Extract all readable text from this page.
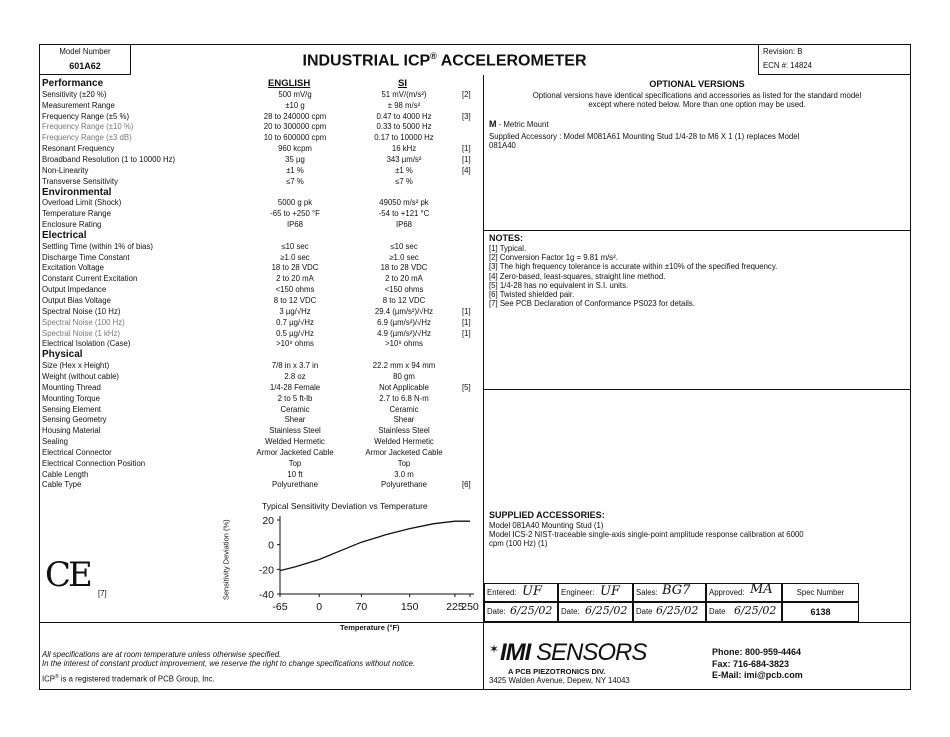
Model Number
601A62	INDUSTRIAL ICP® ACCELEROMETER
Revision: B
ECN #: 14824
ENGLISH	SI
Performance
Sensitivity (±20 %)	500 mV/g	51 mV/(m/s²)	[2]
Measurement Range	±10 g	± 98 m/s²
Frequency Range (±5 %)	28 to 240000 cpm	0.47 to 4000 Hz	[3]
Frequency Range (±10 %)	20 to 300000 cpm	0.33 to 5000 Hz
Frequency Range (±3 dB)	10 to 600000 cpm	0.17 to 10000 Hz
Resonant Frequency	960 kcpm	16 kHz	[1]
Broadband Resolution (1 to 10000 Hz)	35 µg	343 µm/s²	[1]
Non-Linearity	±1 %	±1 %	[4]
Transverse Sensitivity	≤7 %	≤7 %
Environmental
Overload Limit (Shock)	5000 g pk	49050 m/s² pk
Temperature Range	-65 to +250 °F	-54 to +121 °C
Enclosure Rating	IP68	IP68
Electrical
Settling Time (within 1% of bias)	≤10 sec	≤10 sec
Discharge Time Constant	≥1.0 sec	≥1.0 sec
Excitation Voltage	18 to 28 VDC	18 to 28 VDC
Constant Current Excitation	2 to 20 mA	2 to 20 mA
Output Impedance	<150 ohms	<150 ohms
Output Bias Voltage	8 to 12 VDC	8 to 12 VDC
Spectral Noise (10 Hz)	3 µg/√Hz	29.4 (µm/s²)/√Hz	[1]
Spectral Noise (100 Hz)	0.7 µg/√Hz	6.9 (µm/s²)/√Hz	[1]
Spectral Noise (1 kHz)	0.5 µg/√Hz	4.9 (µm/s²)/√Hz	[1]
Electrical Isolation (Case)	>10⁸ ohms	>10⁸ ohms
Physical
Size (Hex x Height)	7/8 in x 3.7 in	22.2 mm x 94 mm
Weight (without cable)	2.8 oz	80 gm
Mounting Thread	1/4-28 Female	Not Applicable	[5]
Mounting Torque	2 to 5 ft-lb	2.7 to 6.8 N-m
Sensing Element	Ceramic	Ceramic
Sensing Geometry	Shear	Shear
Housing Material	Stainless Steel	Stainless Steel
Sealing	Welded Hermetic	Welded Hermetic
Electrical Connector	Armor Jacketed Cable	Armor Jacketed Cable
Electrical Connection Position	Top	Top
Cable Length	10 ft	3.0 m
Cable Type	Polyurethane	Polyurethane	[6]
Typical Sensitivity Deviation vs Temperature
20
0
-20
-40
-65	0	70	150	225
250
Temperature (°F)
Sensitivity Deviation (%)
CE [7]
OPTIONAL VERSIONS
Optional versions have identical specifications and accessories as listed for the standard model
except where noted below. More than one option may be used.
M - Metric Mount
Supplied Accessory : Model M081A61 Mounting Stud 1/4-28 to M6 X 1 (1) replaces Model
081A40
NOTES:
[1] Typical.
[2] Conversion Factor 1g = 9.81 m/s².
[3] The high frequency tolerance is accurate within ±10% of the specified frequency.
[4] Zero-based, least-squares, straight line method.
[5] 1/4-28 has no equivalent in S.I. units.
[6] Twisted shielded pair.
[7] See PCB Declaration of Conformance PS023 for details.
SUPPLIED ACCESSORIES:
Model 081A40 Mounting Stud (1)
Model ICS-2 NIST-traceable single-axis single-point amplitude response calibration at 6000
cpm (100 Hz) (1)
Entered: UF Engineer: UF Sales: BG7 Approved: MA	Spec Number
Date: 6/25/02 Date: 6/25/02 Date 6/25/02 Date 6/25/02	6138
All specifications are at room temperature unless otherwise specified.
In the interest of constant product improvement, we reserve the right to change specifications without notice.
ICP® is a registered trademark of PCB Group, Inc.
IMI SENSORS
✶
A PCB PIEZOTRONICS DIV.
3425 Walden Avenue, Depew, NY 14043
Phone: 800-959-4464
Fax: 716-684-3823
E-Mail: imi@pcb.com
